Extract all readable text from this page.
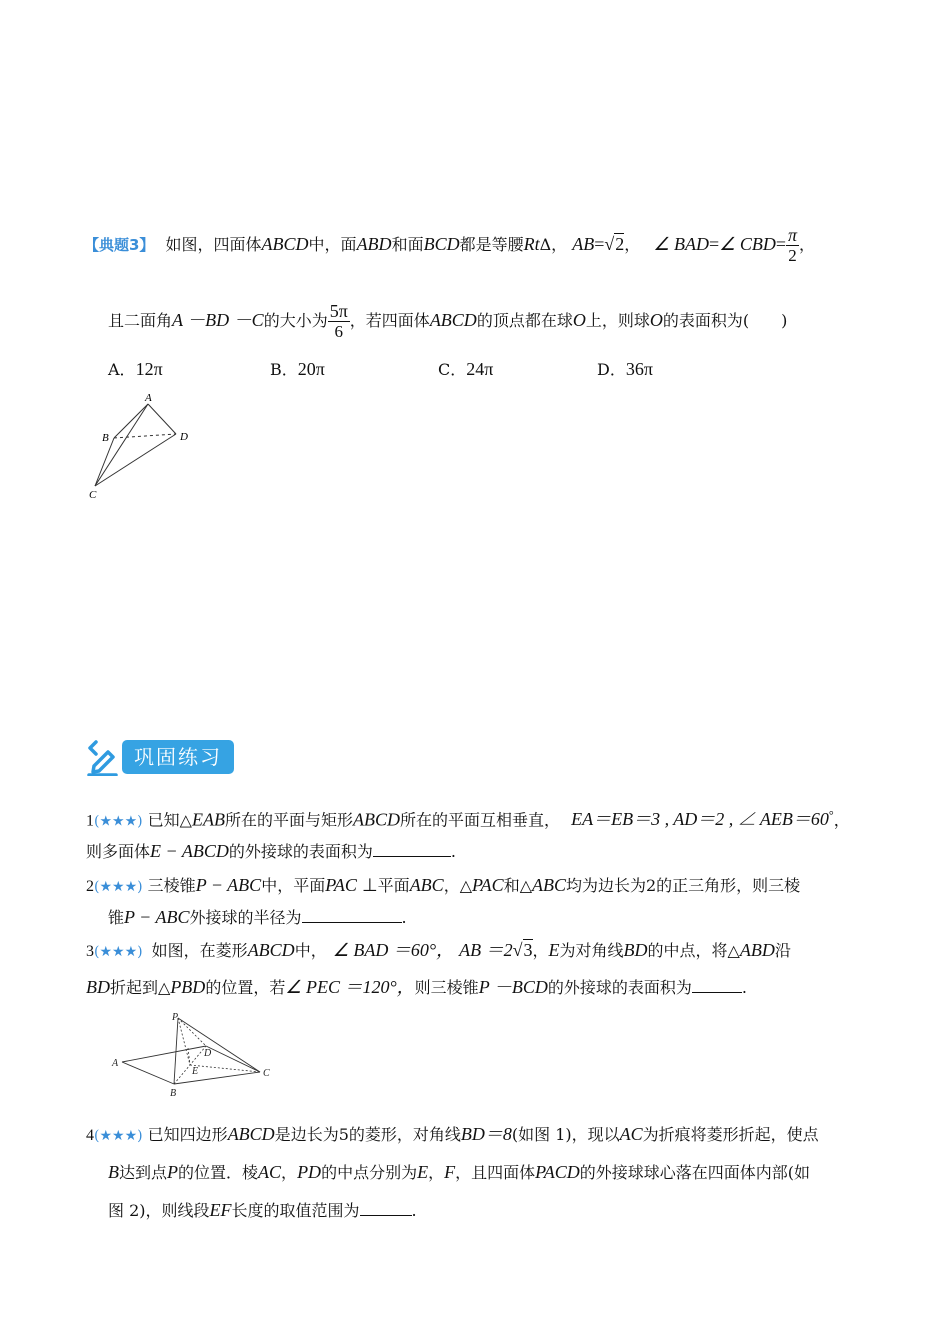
【典题3】 如图，四面体ABCD中，面ABD和面BCD都是等腰RtΔ， AB=√2， ∠ BAD=∠ $CBD= \frac{\pi}{2}$ ，
且二面角A －BD －C的大小为 $\frac{5\pi}{6}$ ，若四面体ABCD的顶点都在球O上，则球O的表面积为(　　)
A．12π	B．20π	C．24π	D．36π
A
B	D
C
巩固练习
1(★★★) 已知△EAB所在的平面与矩形ABCD所在的平面互相垂直， EA＝EB＝3 , AD＝2 , ∠ AEB＝60°，
则多面体E − ABCD的外接球的表面积为	.
2(★★★) 三棱锥P − ABC中，平面PAC ⊥平面ABC，△PAC和△ABC均为边长为2的正三角形，则三棱
锥P − ABC外接球的半径为	.
3(★★★) 如图，在菱形ABCD中， ∠ BAD ＝60°， AB ＝2√3，E为对角线BD的中点，将△ABD沿
BD折起到△PBD的位置，若∠ PEC ＝120°，则三棱锥P －BCD的外接球的表面积为	.
P
A
B
C
D
E
4(★★★) 已知四边形ABCD是边长为5的菱形，对角线BD＝8(如图 1)，现以AC为折痕将菱形折起，使点
B达到点P的位置．棱AC，PD的中点分别为E，F，且四面体PACD的外接球球心落在四面体内部(如
图 2)，则线段EF长度的取值范围为	.
